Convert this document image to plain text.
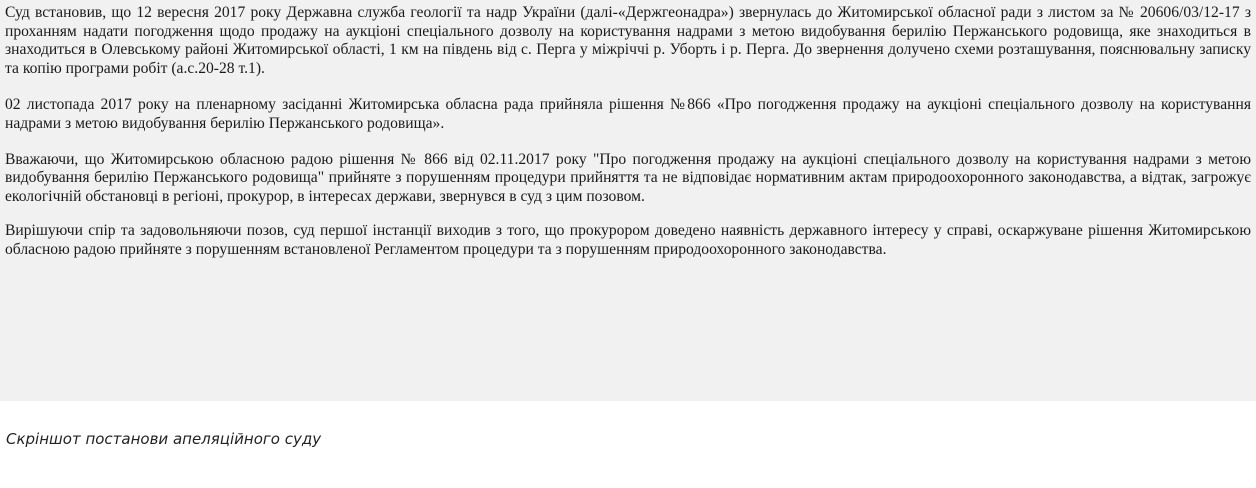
Суд встановив, що 12 вересня 2017 року Державна служба геології та надр України (далі-«Держгеонадра») звернулась до Житомирської обласної ради з листом за № 20606/03/12-17 з проханням надати погодження щодо продажу на аукціоні спеціального дозволу на користування надрами з метою видобування берилію Пержанського родовища, яке знаходиться в знаходиться в Олевському районі Житомирської області, 1 км на південь від с. Перга у міжріччі р. Уборть і р. Перга. До звернення долучено схеми розташування, пояснювальну записку та копію програми робіт (а.с.20-28 т.1).

02 листопада 2017 року на пленарному засіданні Житомирська обласна рада прийняла рішення №866 «Про погодження продажу на аукціоні спеціального дозволу на користування надрами з метою видобування берилію Пержанського родовища».

Вважаючи, що Житомирською обласною радою рішення № 866 від 02.11.2017 року "Про погодження продажу на аукціоні спеціального дозволу на користування надрами з метою видобування берилію Пержанського родовища" прийняте з порушенням процедури прийняття та не відповідає нормативним актам природоохоронного законодавства, а відтак, загрожує екологічній обстановці в регіоні, прокурор, в інтересах держави, звернувся в суд з цим позовом.

Вирішуючи спір та задовольняючи позов, суд першої інстанції виходив з того, що прокурором доведено наявність державного інтересу у справі, оскаржуване рішення Житомирською обласною радою прийняте з порушенням встановленої Регламентом процедури та з порушенням природоохоронного законодавства.

Скріншот постанови апеляційного суду
